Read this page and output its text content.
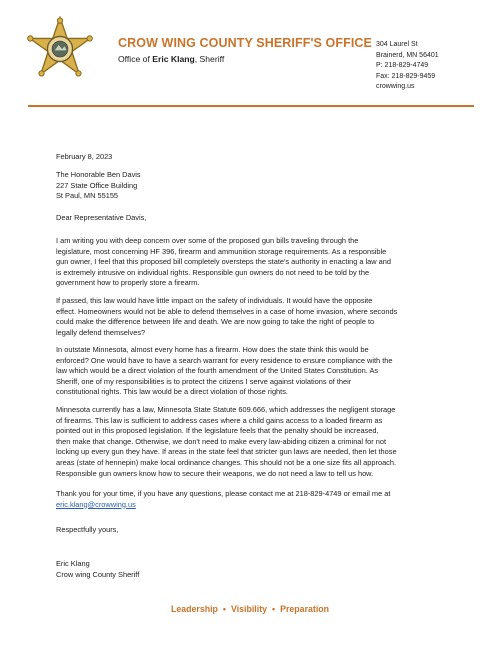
CROW WING COUNTY SHERIFF'S OFFICE
Office of Eric Klang, Sheriff
304 Laurel St
Brainerd, MN 56401
P: 218-829-4749
Fax: 218-829-9459
crowwing.us

February 8, 2023

The Honorable Ben Davis
227 State Office Building
St Paul, MN 55155

Dear Representative Davis,

I am writing you with deep concern over some of the proposed gun bills traveling through the
legislature, most concerning HF 396, firearm and ammunition storage requirements. As a responsible
gun owner, I feel that this proposed bill completely oversteps the state's authority in enacting a law and
is extremely intrusive on individual rights. Responsible gun owners do not need to be told by the
government how to properly store a firearm.

If passed, this law would have little impact on the safety of individuals. It would have the opposite
effect. Homeowners would not be able to defend themselves in a case of home invasion, where seconds
could make the difference between life and death. We are now going to take the right of people to
legally defend themselves?

In outstate Minnesota, almost every home has a firearm. How does the state think this would be
enforced? One would have to have a search warrant for every residence to ensure compliance with the
law which would be a direct violation of the fourth amendment of the United States Constitution. As
Sheriff, one of my responsibilities is to protect the citizens I serve against violations of their
constitutional rights. This law would be a direct violation of those rights.

Minnesota currently has a law, Minnesota State Statute 609.666, which addresses the negligent storage
of firearms. This law is sufficient to address cases where a child gains access to a loaded firearm as
pointed out in this proposed legislation. If the legislature feels that the penalty should be increased,
then make that change. Otherwise, we don't need to make every law-abiding citizen a criminal for not
locking up every gun they have. If areas in the state feel that stricter gun laws are needed, then let those
areas (state of hennepin) make local ordinance changes. This should not be a one size fits all approach.
Responsible gun owners know how to secure their weapons, we do not need a law to tell us how.

Thank you for your time, if you have any questions, please contact me at 218-829-4749 or email me at
eric.klang@crowwing.us

Respectfully yours,

Eric Klang
Crow wing County Sheriff

Leadership • Visibility • Preparation
